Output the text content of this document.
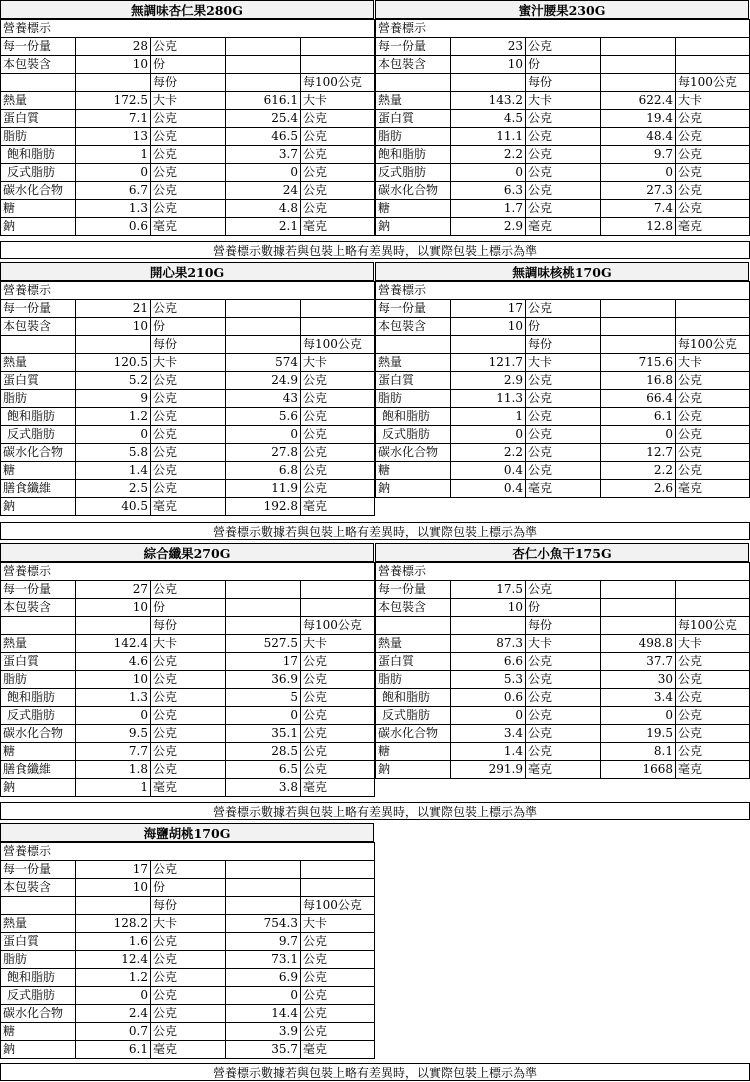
無調味杏仁果280G
營養標示				
每一份量	28	公克		
本包裝含	10	份		
		每份		每100公克
熱量	172.5	大卡	616.1	大卡
蛋白質	7.1	公克	25.4	公克
脂肪	13	公克	46.5	公克
飽和脂肪	1	公克	3.7	公克
反式脂肪	0	公克	0	公克
碳水化合物	6.7	公克	24	公克
糖	1.3	公克	4.8	公克
鈉	0.6	毫克	2.1	毫克
蜜汁腰果230G
營養標示				
每一份量	23	公克		
本包裝含	10	份		
		每份		每100公克
熱量	143.2	大卡	622.4	大卡
蛋白質	4.5	公克	19.4	公克
脂肪	11.1	公克	48.4	公克
飽和脂肪	2.2	公克	9.7	公克
反式脂肪	0	公克	0	公克
碳水化合物	6.3	公克	27.3	公克
糖	1.7	公克	7.4	公克
鈉	2.9	毫克	12.8	毫克
營養標示數據若與包裝上略有差異時，以實際包裝上標示為準
開心果210G
營養標示				
每一份量	21	公克		
本包裝含	10	份		
		每份		每100公克
熱量	120.5	大卡	574	大卡
蛋白質	5.2	公克	24.9	公克
脂肪	9	公克	43	公克
飽和脂肪	1.2	公克	5.6	公克
反式脂肪	0	公克	0	公克
碳水化合物	5.8	公克	27.8	公克
糖	1.4	公克	6.8	公克
膳食纖維	2.5	公克	11.9	公克
鈉	40.5	毫克	192.8	毫克
無調味核桃170G
營養標示				
每一份量	17	公克		
本包裝含	10	份		
		每份		每100公克
熱量	121.7	大卡	715.6	大卡
蛋白質	2.9	公克	16.8	公克
脂肪	11.3	公克	66.4	公克
飽和脂肪	1	公克	6.1	公克
反式脂肪	0	公克	0	公克
碳水化合物	2.2	公克	12.7	公克
糖	0.4	公克	2.2	公克
鈉	0.4	毫克	2.6	毫克
營養標示數據若與包裝上略有差異時，以實際包裝上標示為準
綜合纖果270G
營養標示				
每一份量	27	公克		
本包裝含	10	份		
		每份		每100公克
熱量	142.4	大卡	527.5	大卡
蛋白質	4.6	公克	17	公克
脂肪	10	公克	36.9	公克
飽和脂肪	1.3	公克	5	公克
反式脂肪	0	公克	0	公克
碳水化合物	9.5	公克	35.1	公克
糖	7.7	公克	28.5	公克
膳食纖維	1.8	公克	6.5	公克
鈉	1	毫克	3.8	毫克
杏仁小魚干175G
營養標示				
每一份量	17.5	公克		
本包裝含	10	份		
		每份		每100公克
熱量	87.3	大卡	498.8	大卡
蛋白質	6.6	公克	37.7	公克
脂肪	5.3	公克	30	公克
飽和脂肪	0.6	公克	3.4	公克
反式脂肪	0	公克	0	公克
碳水化合物	3.4	公克	19.5	公克
糖	1.4	公克	8.1	公克
鈉	291.9	毫克	1668	毫克
營養標示數據若與包裝上略有差異時，以實際包裝上標示為準
海鹽胡桃170G
營養標示				
每一份量	17	公克		
本包裝含	10	份		
		每份		每100公克
熱量	128.2	大卡	754.3	大卡
蛋白質	1.6	公克	9.7	公克
脂肪	12.4	公克	73.1	公克
飽和脂肪	1.2	公克	6.9	公克
反式脂肪	0	公克	0	公克
碳水化合物	2.4	公克	14.4	公克
糖	0.7	公克	3.9	公克
鈉	6.1	毫克	35.7	毫克
營養標示數據若與包裝上略有差異時，以實際包裝上標示為準
